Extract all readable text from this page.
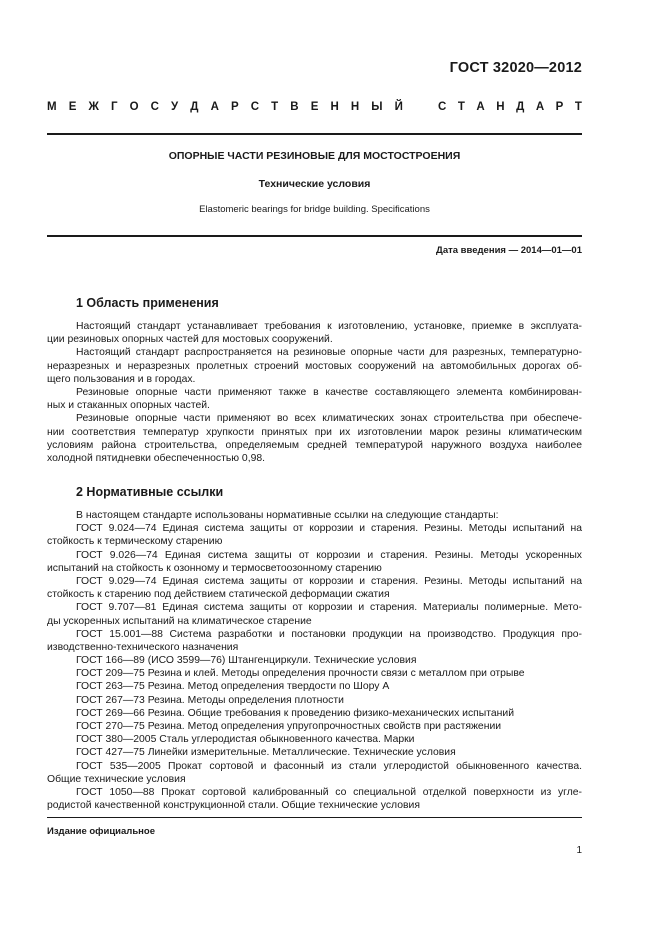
ГОСТ 32020—2012
М Е Ж Г О С У Д А Р С Т В Е Н Н Ы Й	С Т А Н Д А Р Т
ОПОРНЫЕ ЧАСТИ РЕЗИНОВЫЕ ДЛЯ МОСТОСТРОЕНИЯ
Технические условия
Elastomeric bearings for bridge building. Specifications
Дата введения — 2014—01—01
1 Область применения
Настоящий стандарт устанавливает требования к изготовлению, установке, приемке в эксплуата-
ции резиновых опорных частей для мостовых сооружений.
Настоящий стандарт распространяется на резиновые опорные части для разрезных, температурно-
неразрезных и неразрезных пролетных строений мостовых сооружений на автомобильных дорогах об-
щего пользования и в городах.
Резиновые опорные части применяют также в качестве составляющего элемента комбинирован-
ных и стаканных опорных частей.
Резиновые опорные части применяют во всех климатических зонах строительства при обеспече-
нии соответствия температур хрупкости принятых при их изготовлении марок резины климатическим
условиям района строительства, определяемым средней температурой наружного воздуха наиболее
холодной пятидневки обеспеченностью 0,98.
2 Нормативные ссылки
В настоящем стандарте использованы нормативные ссылки на следующие стандарты:
ГОСТ 9.024—74 Единая система защиты от коррозии и старения. Резины. Методы испытаний на
стойкость к термическому старению
ГОСТ 9.026—74 Единая система защиты от коррозии и старения. Резины. Методы ускоренных
испытаний на стойкость к озонному и термосветоозонному старению
ГОСТ 9.029—74 Единая система защиты от коррозии и старения. Резины. Методы испытаний на
стойкость к старению под действием статической деформации сжатия
ГОСТ 9.707—81 Единая система защиты от коррозии и старения. Материалы полимерные. Мето-
ды ускоренных испытаний на климатическое старение
ГОСТ 15.001—88 Система разработки и постановки продукции на производство. Продукция про-
изводственно-технического назначения
ГОСТ 166—89 (ИСО 3599—76) Штангенциркули. Технические условия
ГОСТ 209—75 Резина и клей. Методы определения прочности связи с металлом при отрыве
ГОСТ 263—75 Резина. Метод определения твердости по Шору А
ГОСТ 267—73 Резина. Методы определения плотности
ГОСТ 269—66 Резина. Общие требования к проведению физико-механических испытаний
ГОСТ 270—75 Резина. Метод определения упругопрочностных свойств при растяжении
ГОСТ 380—2005 Сталь углеродистая обыкновенного качества. Марки
ГОСТ 427—75 Линейки измерительные. Металлические. Технические условия
ГОСТ 535—2005 Прокат сортовой и фасонный из стали углеродистой обыкновенного качества.
Общие технические условия
ГОСТ 1050—88 Прокат сортовой калиброванный со специальной отделкой поверхности из угле-
родистой качественной конструкционной стали. Общие технические условия
Издание официальное
1
